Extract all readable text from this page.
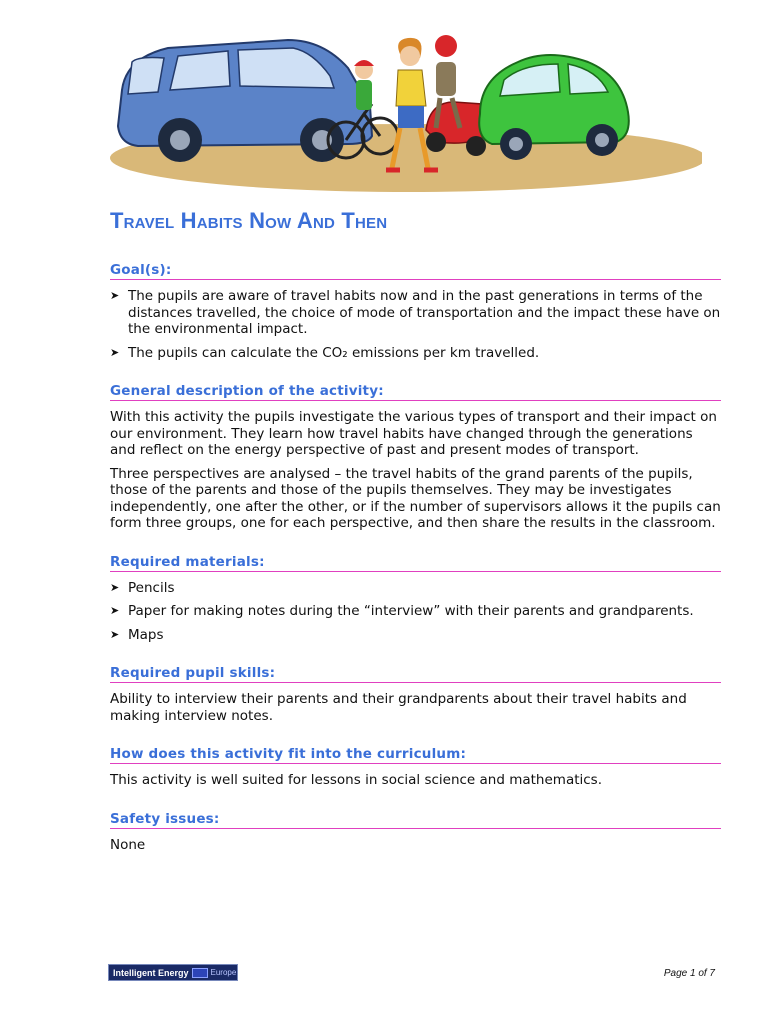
Travel Habits Now And Then
Goal(s):
➤ The pupils are aware of travel habits now and in the past generations in terms of the distances travelled, the choice of mode of transportation and the impact these have on the environmental impact.
➤ The pupils can calculate the CO₂ emissions per km travelled.
General description of the activity:

With this activity the pupils investigate the various types of transport and their impact on our environment. They learn how travel habits have changed through the generations and reflect on the energy perspective of past and present modes of transport.

Three perspectives are analysed – the travel habits of the grand parents of the pupils, those of the parents and those of the pupils themselves. They may be investigates independently, one after the other, or if the number of supervisors allows it the pupils can form three groups, one for each perspective, and then share the results in the classroom.

Required materials:
➤ Pencils
➤ Paper for making notes during the “interview” with their parents and grandparents.
➤ Maps
Required pupil skills:

Ability to interview their parents and their grandparents about their travel habits and making interview notes.

How does this activity fit into the curriculum:

This activity is well suited for lessons in social science and mathematics.

Safety issues:

None

Intelligent Energy	Europe	Page 1 of 7
